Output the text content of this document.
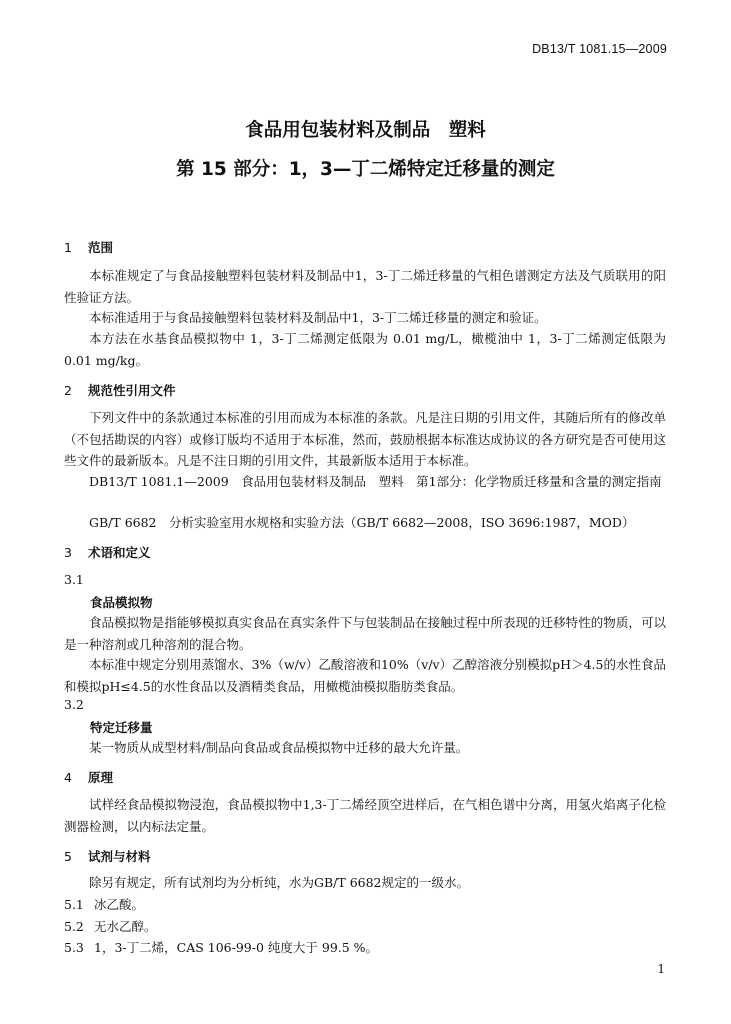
DB13/T 1081.15—2009
食品用包装材料及制品　塑料
第 15 部分：1，3—丁二烯特定迁移量的测定
1 范围

本标准规定了与食品接触塑料包装材料及制品中1，3-丁二烯迁移量的气相色谱测定方法及气质联用的阳性验证方法。

本标准适用于与食品接触塑料包装材料及制品中1，3-丁二烯迁移量的测定和验证。

本方法在水基食品模拟物中 1，3-丁二烯测定低限为 0.01 mg/L，橄榄油中 1，3-丁二烯测定低限为0.01 mg/kg。

2 规范性引用文件

下列文件中的条款通过本标准的引用而成为本标准的条款。凡是注日期的引用文件，其随后所有的修改单（不包括勘误的内容）或修订版均不适用于本标准，然而，鼓励根据本标准达成协议的各方研究是否可使用这些文件的最新版本。凡是不注日期的引用文件，其最新版本适用于本标准。

DB13/T 1081.1—2009　食品用包装材料及制品　塑料　第1部分：化学物质迁移量和含量的测定指南

GB/T 6682　分析实验室用水规格和实验方法（GB/T 6682—2008，ISO 3696:1987，MOD）

3 术语和定义
3.1
食品模拟物

食品模拟物是指能够模拟真实食品在真实条件下与包装制品在接触过程中所表现的迁移特性的物质，可以是一种溶剂或几种溶剂的混合物。

本标准中规定分别用蒸馏水、3%（w/v）乙酸溶液和10%（v/v）乙醇溶液分别模拟pH＞4.5的水性食品和模拟pH≤4.5的水性食品以及酒精类食品，用橄榄油模拟脂肪类食品。

3.2
特定迁移量

某一物质从成型材料/制品向食品或食品模拟物中迁移的最大允许量。

4 原理

试样经食品模拟物浸泡，食品模拟物中1,3-丁二烯经顶空进样后，在气相色谱中分离，用氢火焰离子化检测器检测，以内标法定量。

5 试剂与材料

除另有规定，所有试剂均为分析纯，水为GB/T 6682规定的一级水。

5.1 冰乙酸。
5.2 无水乙醇。
5.3 1，3-丁二烯，CAS 106-99-0 纯度大于 99.5 %。
1
